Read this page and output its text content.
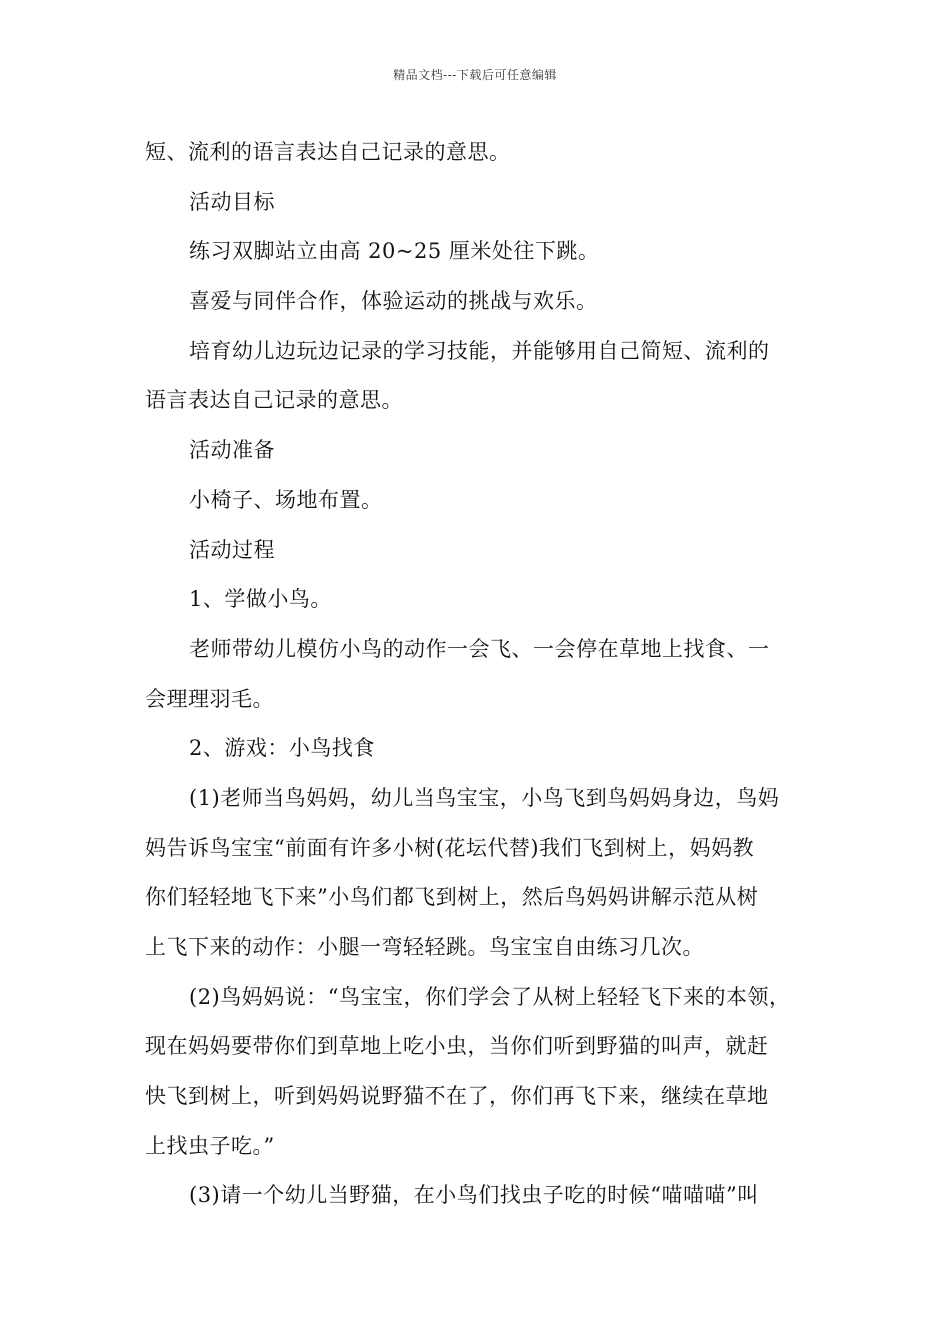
精品文档---下载后可任意编辑
短、流利的语言表达自己记录的意思。
活动目标
练习双脚站立由高 20~25 厘米处往下跳。
喜爱与同伴合作，体验运动的挑战与欢乐。
培育幼儿边玩边记录的学习技能，并能够用自己简短、流利的
语言表达自己记录的意思。
活动准备
小椅子、场地布置。
活动过程
1、学做小鸟。
老师带幼儿模仿小鸟的动作一会飞、一会停在草地上找食、一
会理理羽毛。
2、游戏：小鸟找食
(1)老师当鸟妈妈，幼儿当鸟宝宝，小鸟飞到鸟妈妈身边，鸟妈
妈告诉鸟宝宝“前面有许多小树(花坛代替)我们飞到树上，妈妈教
你们轻轻地飞下来”小鸟们都飞到树上，然后鸟妈妈讲解示范从树
上飞下来的动作：小腿一弯轻轻跳。鸟宝宝自由练习几次。
(2)鸟妈妈说：“鸟宝宝，你们学会了从树上轻轻飞下来的本领，
现在妈妈要带你们到草地上吃小虫，当你们听到野猫的叫声，就赶
快飞到树上，听到妈妈说野猫不在了，你们再飞下来，继续在草地
上找虫子吃。”
(3)请一个幼儿当野猫，在小鸟们找虫子吃的时候“喵喵喵”叫
